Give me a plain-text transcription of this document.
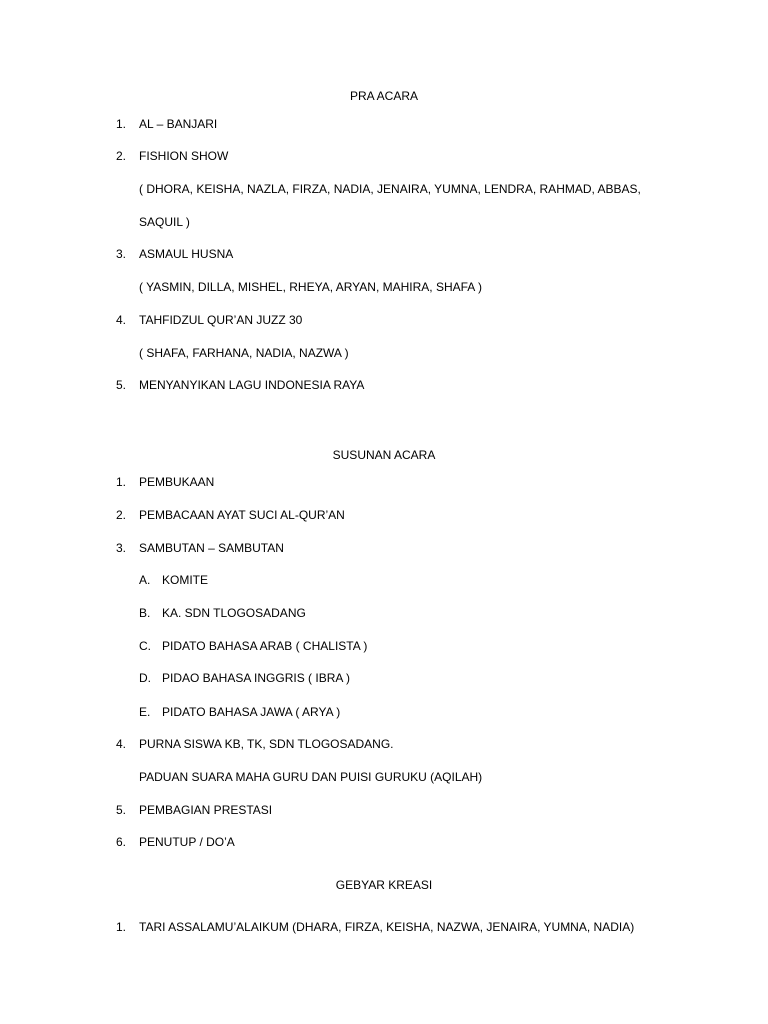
PRA ACARA
1. AL – BANJARI
2. FISHION SHOW
( DHORA, KEISHA, NAZLA, FIRZA, NADIA, JENAIRA, YUMNA, LENDRA, RAHMAD, ABBAS,
SAQUIL )
3. ASMAUL HUSNA
( YASMIN, DILLA, MISHEL, RHEYA, ARYAN, MAHIRA, SHAFA )
4. TAHFIDZUL QUR’AN JUZZ 30
( SHAFA, FARHANA, NADIA, NAZWA )
5. MENYANYIKAN LAGU INDONESIA RAYA
SUSUNAN ACARA
1. PEMBUKAAN
2. PEMBACAAN AYAT SUCI AL-QUR’AN
3. SAMBUTAN – SAMBUTAN
A. KOMITE
B. KA. SDN TLOGOSADANG
C. PIDATO BAHASA ARAB ( CHALISTA )
D. PIDAO BAHASA INGGRIS ( IBRA )
E. PIDATO BAHASA JAWA ( ARYA )
4. PURNA SISWA KB, TK, SDN TLOGOSADANG.
PADUAN SUARA MAHA GURU DAN PUISI GURUKU (AQILAH)
5. PEMBAGIAN PRESTASI
6. PENUTUP / DO’A
GEBYAR KREASI
1. TARI ASSALAMU’ALAIKUM (DHARA, FIRZA, KEISHA, NAZWA, JENAIRA, YUMNA, NADIA)
